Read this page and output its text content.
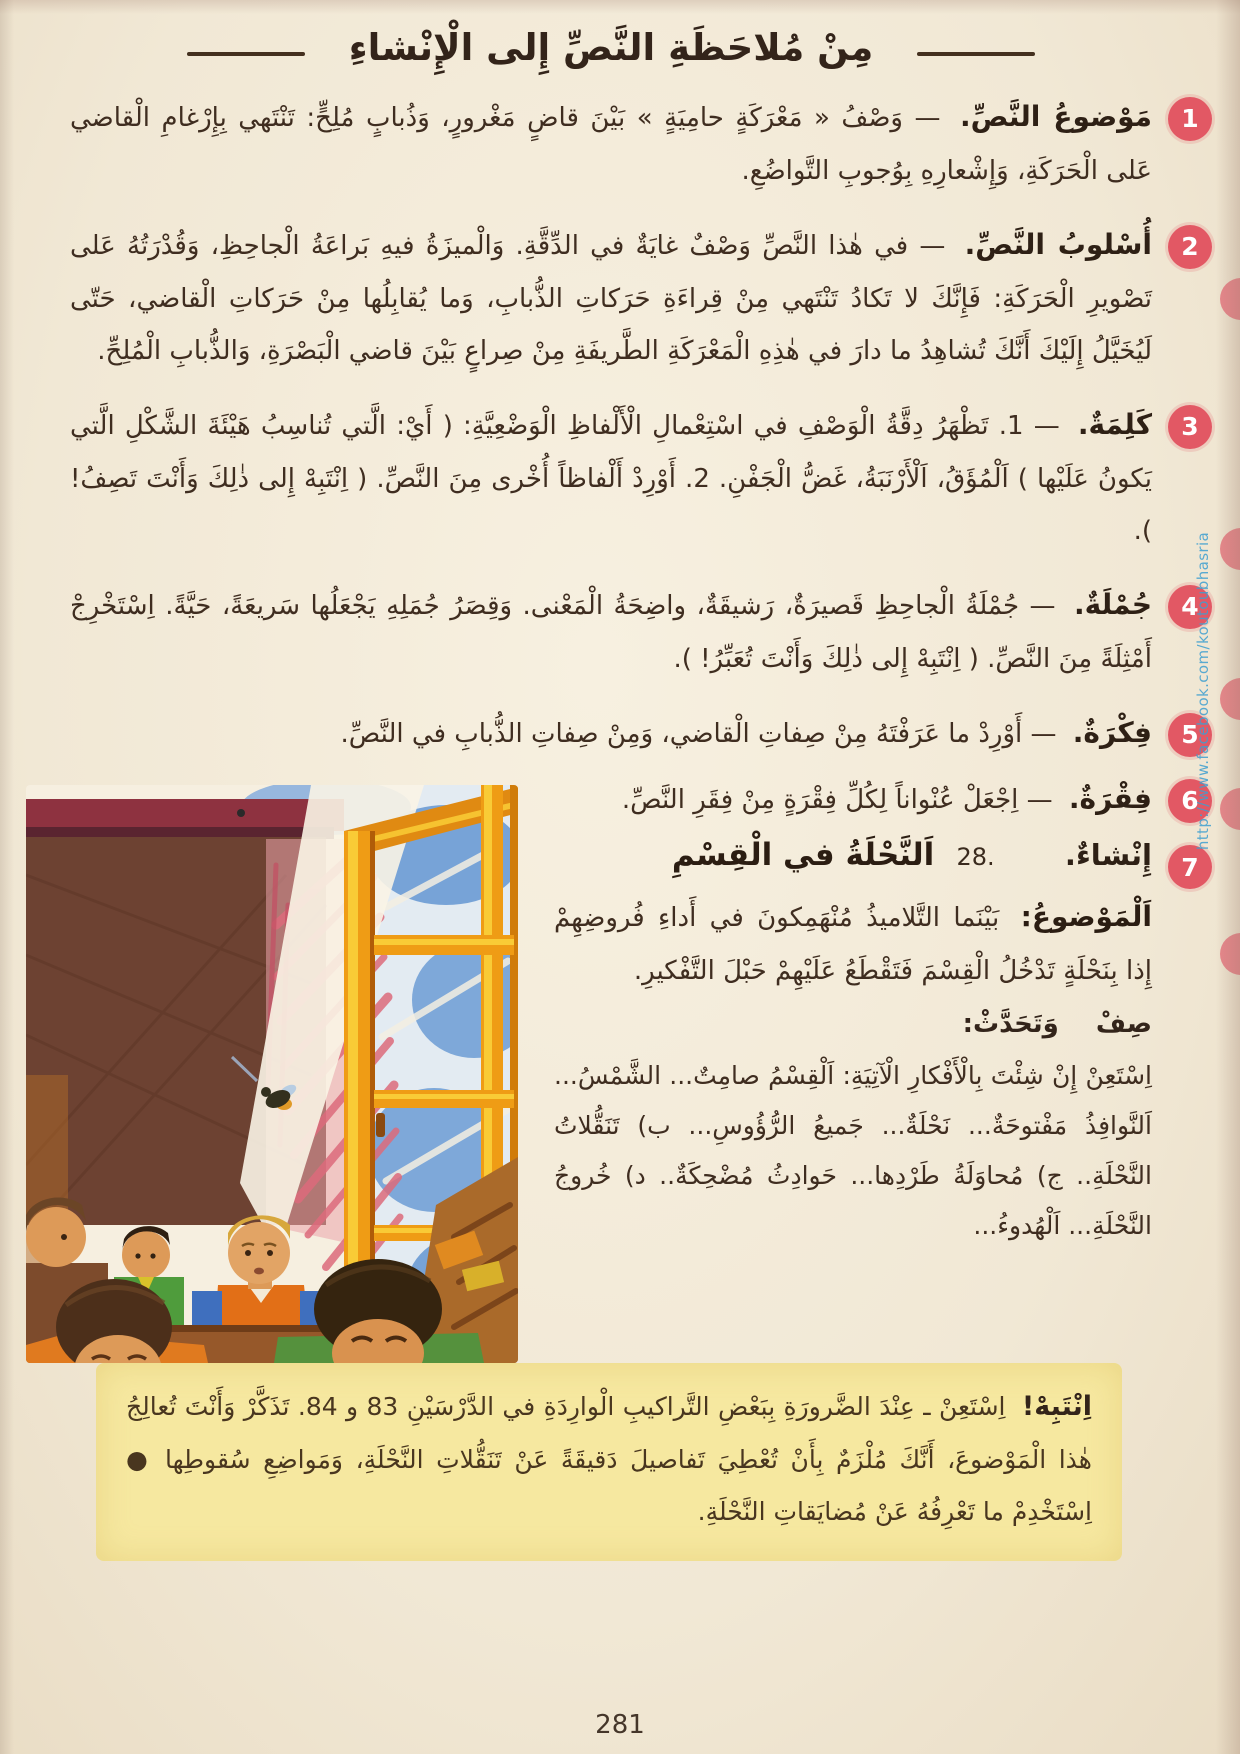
http://www.facebook.com/koutoubhasria
مِنْ مُلاحَظَةِ النَّصِّ إِلى الْإِنْشاءِ

1
مَوْضوعُ النَّصِّ. — وَصْفُ « مَعْرَكَةٍ حامِيَةٍ » بَيْنَ قاضٍ مَغْرورٍ، وَذُبابٍ مُلِحٍّ: تَنْتَهي بِإِرْغامِ الْقاضي عَلى الْحَرَكَةِ، وَإِشْعارِهِ بِوُجوبِ التَّواضُعِ.

2
أُسْلوبُ النَّصِّ. — في هٰذا النَّصِّ وَصْفٌ غايَةٌ في الدِّقَّةِ. وَالْميزَةُ فيهِ بَراعَةُ الْجاحِظِ، وَقُدْرَتُهُ عَلى تَصْويرِ الْحَرَكَةِ: فَإِنَّكَ لا تَكادُ تَنْتَهي مِنْ قِراءَةِ حَرَكاتِ الذُّبابِ، وَما يُقابِلُها مِنْ حَرَكاتِ الْقاضي، حَتّى لَيُخَيَّلُ إِلَيْكَ أَنَّكَ تُشاهِدُ ما دارَ في هٰذِهِ الْمَعْرَكَةِ الطَّريفَةِ مِنْ صِراعٍ بَيْنَ قاضي الْبَصْرَةِ، وَالذُّبابِ الْمُلِحِّ.

3
كَلِمَةٌ. — 1. تَظْهَرُ دِقَّةُ الْوَصْفِ في اسْتِعْمالِ الْأَلْفاظِ الْوَضْعِيَّةِ: ( أَيْ: الَّتي تُناسِبُ هَيْئَةَ الشَّكْلِ الَّتي يَكونُ عَلَيْها ) اَلْمُؤَقُ، اَلْأَرْنَبَةُ، غَضُّ الْجَفْنِ. 2. أَوْرِدْ أَلْفاظاً أُخْرى مِنَ النَّصِّ. ( اِنْتَبِهْ إِلى ذٰلِكَ وَأَنْتَ تَصِفُ! ).

4
جُمْلَةٌ. — جُمْلَةُ الْجاحِظِ قَصيرَةٌ، رَشيقَةٌ، واضِحَةُ الْمَعْنى. وَقِصَرُ جُمَلِهِ يَجْعَلُها سَريعَةً، حَيَّةً. اِسْتَخْرِجْ أَمْثِلَةً مِنَ النَّصِّ. ( اِنْتَبِهْ إِلى ذٰلِكَ وَأَنْتَ تُعَبِّرُ! ).

5
فِكْرَةٌ. — أَوْرِدْ ما عَرَفْتَهُ مِنْ صِفاتِ الْقاضي، وَمِنْ صِفاتِ الذُّبابِ في النَّصِّ.

6
فِقْرَةٌ. — اِجْعَلْ عُنْواناً لِكُلِّ فِقْرَةٍ مِنْ فِقَرِ النَّصِّ.

7
إِنْشاءٌ. 28. اَلنَّحْلَةُ في الْقِسْمِ

اَلْمَوْضوعُ: بَيْنَما التَّلاميذُ مُنْهَمِكونَ في أَداءِ فُروضِهِمْ إِذا بِنَحْلَةٍ تَدْخُلُ الْقِسْمَ فَتَقْطَعُ عَلَيْهِمْ حَبْلَ التَّفْكيرِ.

صِفْ وَتَحَدَّثْ:

اِسْتَعِنْ إِنْ شِئْتَ بِالْأَفْكارِ الْآتِيَةِ: اَلْقِسْمُ صامِتٌ... الشَّمْسُ... اَلنَّوافِذُ مَفْتوحَةٌ... نَحْلَةٌ... جَميعُ الرُّؤُوسِ... ب) تَنَقُّلاتُ النَّحْلَةِ.. ج) مُحاوَلَةُ طَرْدِها... حَوادِثُ مُضْحِكَةٌ.. د) خُروجُ النَّحْلَةِ... اَلْهُدوءُ...

اِنْتَبِهْ! اِسْتَعِنْ ـ عِنْدَ الضَّرورَةِ بِبَعْضِ التَّراكيبِ الْوارِدَةِ في الدَّرْسَيْنِ 83 و 84. تَذَكَّرْ وَأَنْتَ تُعالِجُ هٰذا الْمَوْضوعَ، أَنَّكَ مُلْزَمٌ بِأَنْ تُعْطِيَ تَفاصيلَ دَقيقَةً عَنْ تَنَقُّلاتِ النَّحْلَةِ، وَمَواضِعِ سُقوطِها ● اِسْتَخْدِمْ ما تَعْرِفُهُ عَنْ مُضايَقاتِ النَّحْلَةِ.
281
